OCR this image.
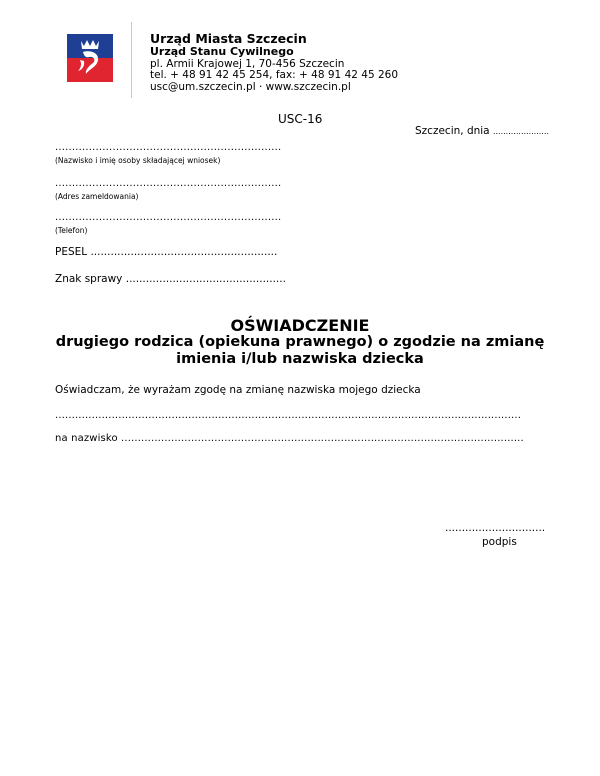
Urząd Miasta Szczecin
Urząd Stanu Cywilnego
pl. Armii Krajowej 1, 70-456 Szczecin
tel. + 48 91 42 45 254, fax: + 48 91 42 45 260
usc@um.szczecin.pl · www.szczecin.pl
USC-16
Szczecin, dnia ......................
...................................................................
(Nazwisko i imię osoby składającej wniosek)
...................................................................
(Adres zameldowania)
...................................................................
(Telefon)
PESEL ........................................................
Znak sprawy ................................................
OŚWIADCZENIE
drugiego rodzica (opiekuna prawnego) o zgodzie na zmianę
imienia i/lub nazwiska dziecka
Oświadczam, że wyrażam zgodę na zmianę nazwiska mojego dziecka
............................................................................................................................................
na nazwisko .........................................................................................................................
..............................
podpis
